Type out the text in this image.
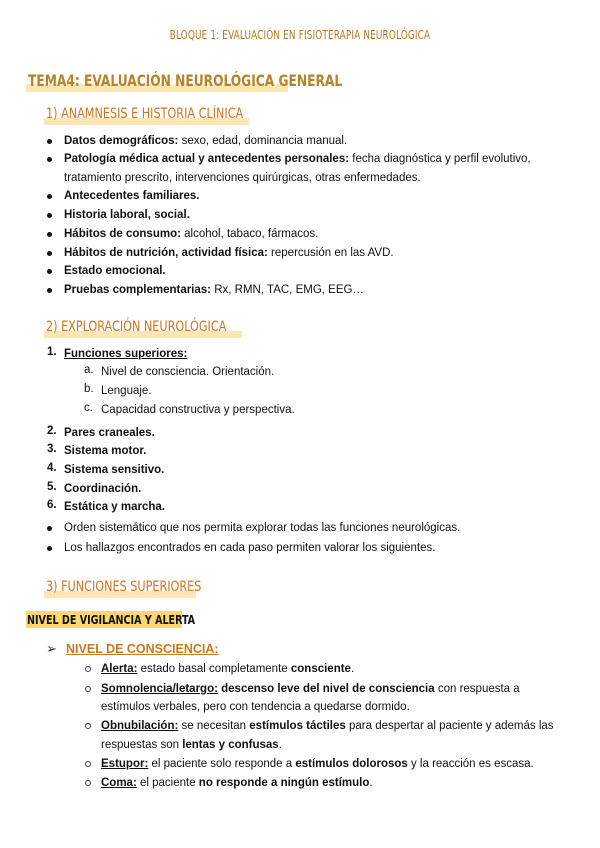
BLOQUE 1: EVALUACIÓN EN FISIOTERAPIA NEUROLÓGICA
TEMA4: EVALUACIÓN NEUROLÓGICA GENERAL
1) ANAMNESIS E HISTORIA CLÍNICA
Datos demográficos: sexo, edad, dominancia manual.
Patología médica actual y antecedentes personales: fecha diagnóstica y perfil evolutivo,
tratamiento prescrito, intervenciones quirúrgicas, otras enfermedades.
Antecedentes familiares.
Historia laboral, social.
Hábitos de consumo: alcohol, tabaco, fármacos.
Hábitos de nutrición, actividad física: repercusión en las AVD.
Estado emocional.
Pruebas complementarias: Rx, RMN, TAC, EMG, EEG…
2) EXPLORACIÓN NEUROLÓGICA
1. Funciones superiores:
a. Nivel de consciencia. Orientación.
b. Lenguaje.
c. Capacidad constructiva y perspectiva.
2. Pares craneales.
3. Sistema motor.
4. Sistema sensitivo.
5. Coordinación.
6. Estática y marcha.
Orden sistemático que nos permita explorar todas las funciones neurológicas.
Los hallazgos encontrados en cada paso permiten valorar los siguientes.
3) FUNCIONES SUPERIORES
NIVEL DE VIGILANCIA Y ALERTA
➢ NIVEL DE CONSCIENCIA:
Alerta: estado basal completamente consciente.
Somnolencia/letargo: descenso leve del nivel de consciencia con respuesta a
estímulos verbales, pero con tendencia a quedarse dormido.
Obnubilación: se necesitan estímulos táctiles para despertar al paciente y además las
respuestas son lentas y confusas.
Estupor: el paciente solo responde a estímulos dolorosos y la reacción es escasa.
Coma: el paciente no responde a ningún estímulo.
